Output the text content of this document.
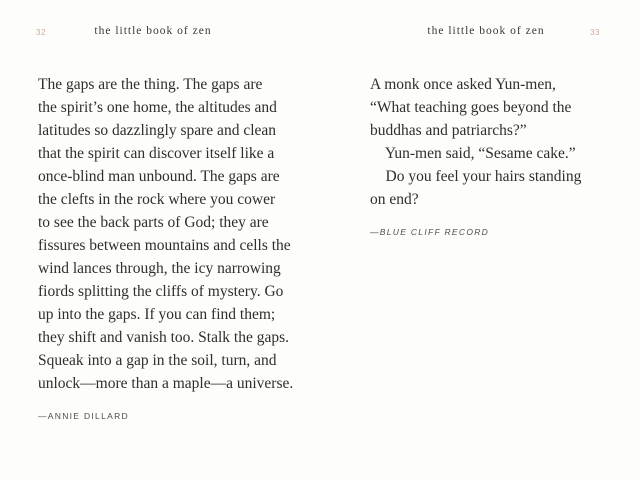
32	the little book of zen
The gaps are the thing. The gaps are
the spirit’s one home, the altitudes and
latitudes so dazzlingly spare and clean
that the spirit can discover itself like a
once-blind man unbound. The gaps are
the clefts in the rock where you cower
to see the back parts of God; they are
fissures between mountains and cells the
wind lances through, the icy narrowing
fiords splitting the cliffs of mystery. Go
up into the gaps. If you can find them;
they shift and vanish too. Stalk the gaps.
Squeak into a gap in the soil, turn, and
unlock—more than a maple—a universe.
—ANNIE DILLARD
the little book of zen	33
A monk once asked Yun-men,
“What teaching goes beyond the
buddhas and patriarchs?”
Yun-men said, “Sesame cake.”
Do you feel your hairs standing
on end?
—BLUE CLIFF RECORD
